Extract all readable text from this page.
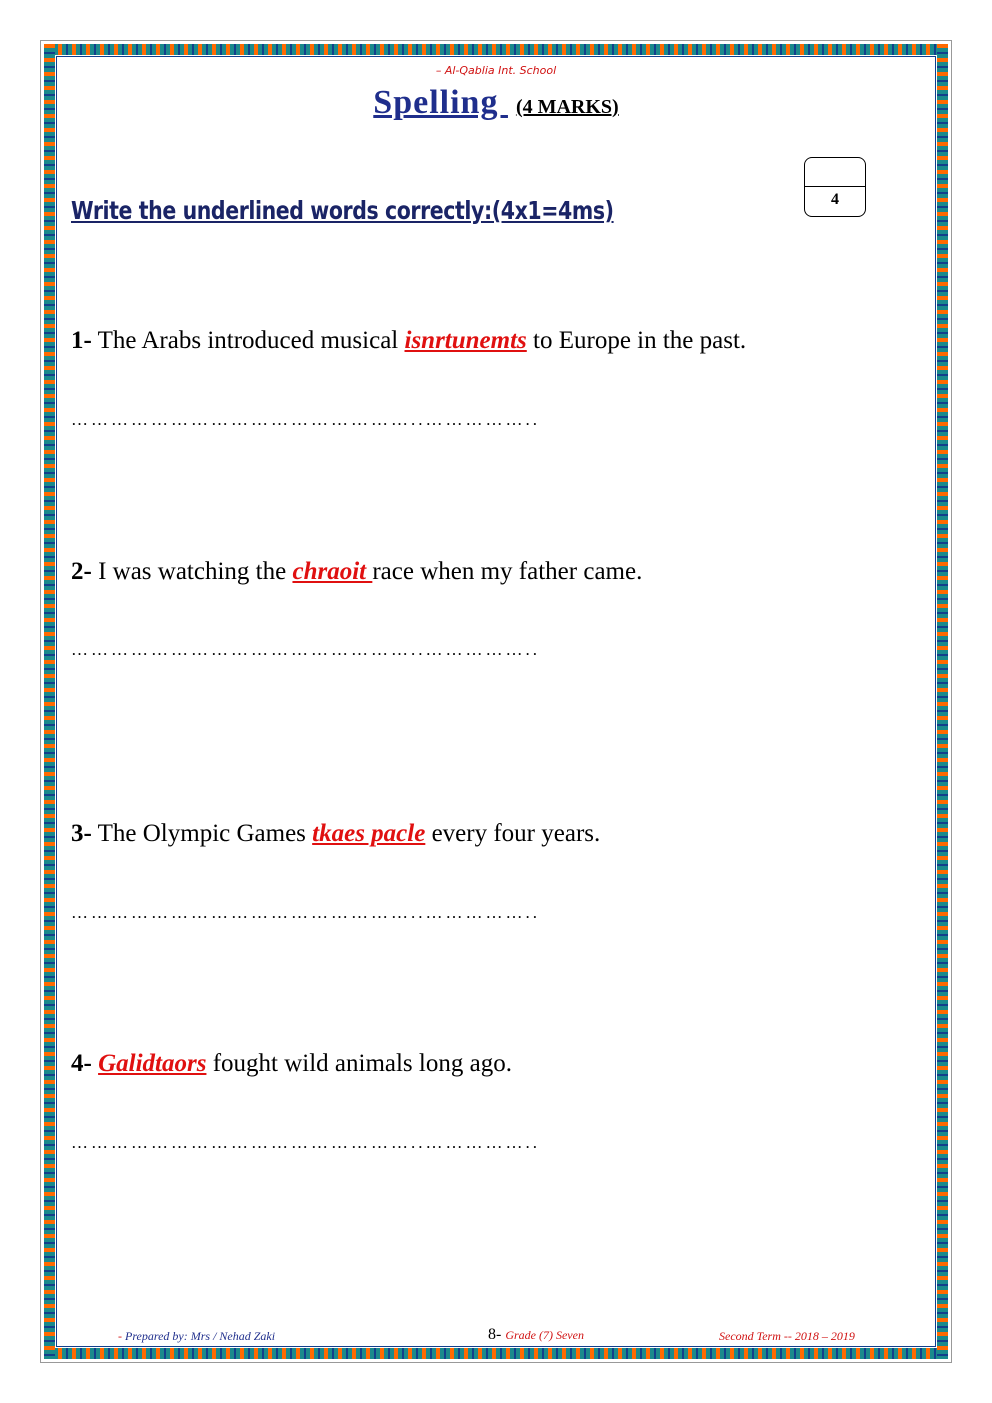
– Al-Qablia Int. School
Spelling (4 MARKS)
Write the underlined words correctly:(4x1=4ms)	4
1- The Arabs introduced musical isnrtunemts to Europe in the past.
……………………………………………..……………..
2- I was watching the chraoit race when my father came.
……………………………………………..……………..
3- The Olympic Games tkaes pacle every four years.
……………………………………………..……………..
4- Galidtaors fought wild animals long ago.
……………………………………………..……………..
- Prepared by: Mrs / Nehad Zaki	8- Grade (7) Seven	Second Term -- 2018 – 2019
